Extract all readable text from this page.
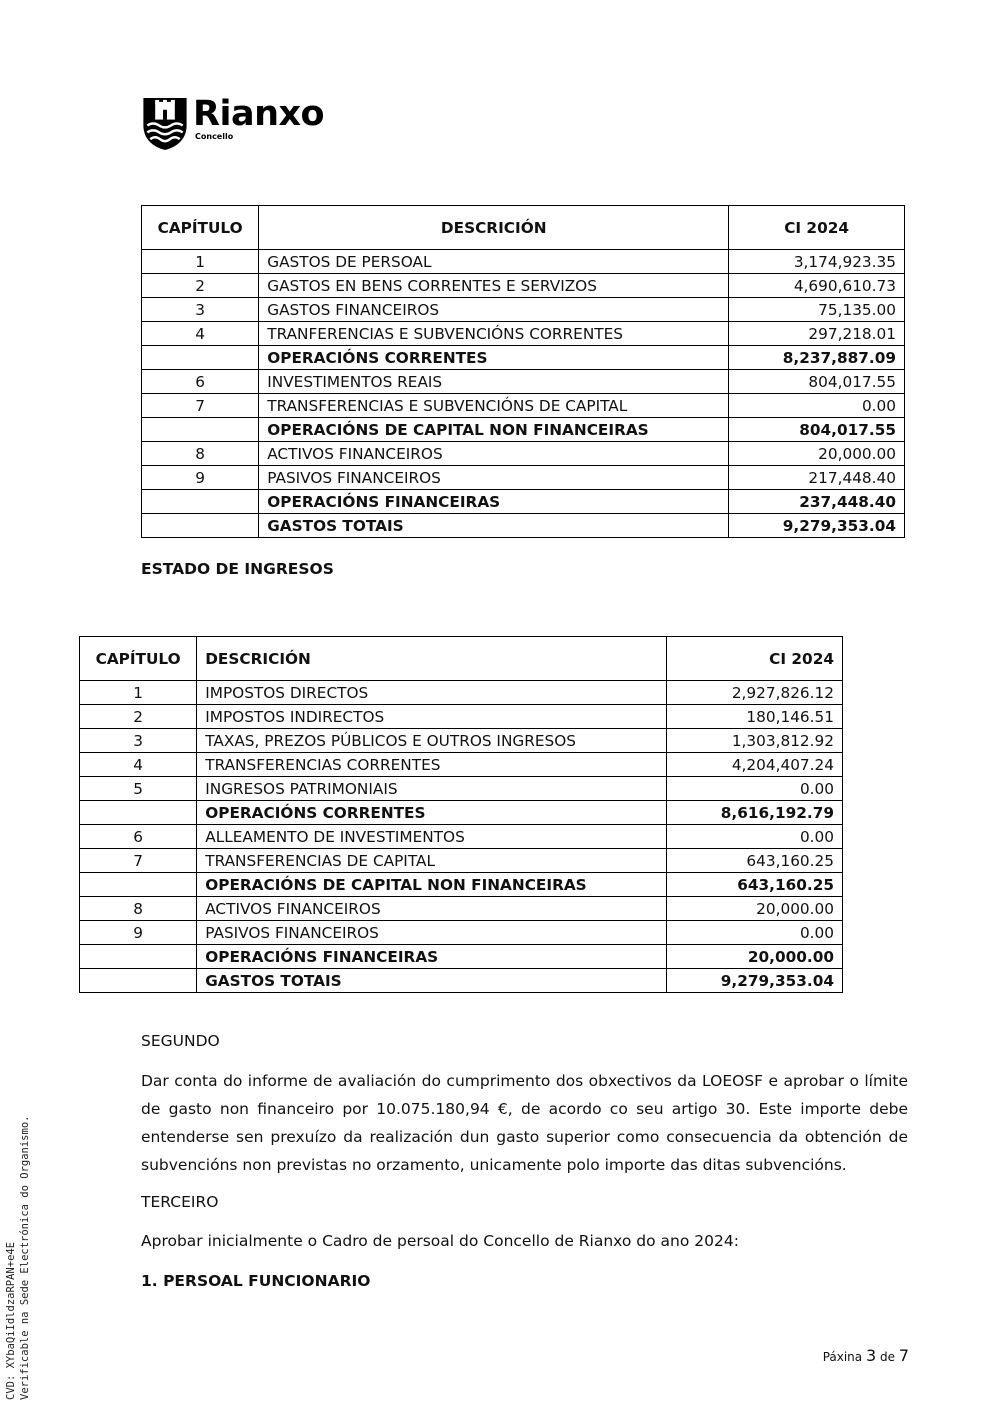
Rianxo
Concello
CAPÍTULO	DESCRICIÓN	CI 2024
1	GASTOS DE PERSOAL	3,174,923.35
2	GASTOS EN BENS CORRENTES E SERVIZOS	4,690,610.73
3	GASTOS FINANCEIROS	75,135.00
4	TRANFERENCIAS E SUBVENCIÓNS CORRENTES	297,218.01
	OPERACIÓNS CORRENTES	8,237,887.09
6	INVESTIMENTOS REAIS	804,017.55
7	TRANSFERENCIAS E SUBVENCIÓNS DE CAPITAL	0.00
	OPERACIÓNS DE CAPITAL NON FINANCEIRAS	804,017.55
8	ACTIVOS FINANCEIROS	20,000.00
9	PASIVOS FINANCEIROS	217,448.40
	OPERACIÓNS FINANCEIRAS	237,448.40
	GASTOS TOTAIS	9,279,353.04
ESTADO DE INGRESOS
CAPÍTULO	DESCRICIÓN	CI 2024
1	IMPOSTOS DIRECTOS	2,927,826.12
2	IMPOSTOS INDIRECTOS	180,146.51
3	TAXAS, PREZOS PÚBLICOS E OUTROS INGRESOS	1,303,812.92
4	TRANSFERENCIAS CORRENTES	4,204,407.24
5	INGRESOS PATRIMONIAIS	0.00
	OPERACIÓNS CORRENTES	8,616,192.79
6	ALLEAMENTO DE INVESTIMENTOS	0.00
7	TRANSFERENCIAS DE CAPITAL	643,160.25
	OPERACIÓNS DE CAPITAL NON FINANCEIRAS	643,160.25
8	ACTIVOS FINANCEIROS	20,000.00
9	PASIVOS FINANCEIROS	0.00
	OPERACIÓNS FINANCEIRAS	20,000.00
	GASTOS TOTAIS	9,279,353.04
SEGUNDO
Dar conta do informe de avaliación do cumprimento dos obxectivos da LOEOSF e aprobar o límite de gasto non financeiro por 10.075.180,94 €, de acordo co seu artigo 30. Este importe debe entenderse sen prexuízo da realización dun gasto superior como consecuencia da obtención de subvencións non previstas no orzamento, unicamente polo importe das ditas subvencións.
TERCEIRO
Aprobar inicialmente o Cadro de persoal do Concello de Rianxo do ano 2024:
1. PERSOAL FUNCIONARIO
CVD: XYbaQiIdldzaRPAN+e4E Verificable na Sede Electrónica do Organismo.	Páxina 3 de 7
